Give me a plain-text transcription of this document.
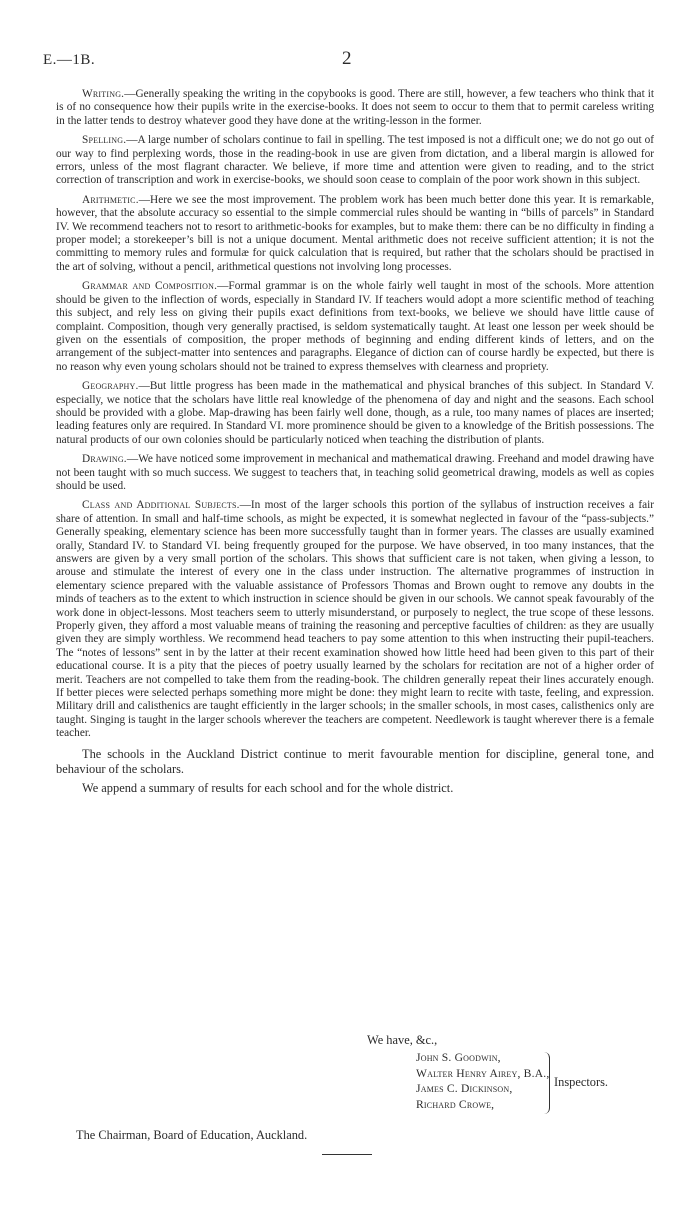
E.—1B.	2

Writing.—Generally speaking the writing in the copybooks is good. There are still, however, a few teachers who think that it is of no consequence how their pupils write in the exercise-books. It does not seem to occur to them that to permit careless writing in the latter tends to destroy whatever good they have done at the writing-lesson in the former.

Spelling.—A large number of scholars continue to fail in spelling. The test imposed is not a difficult one; we do not go out of our way to find perplexing words, those in the reading-book in use are given from dictation, and a liberal margin is allowed for errors, unless of the most flagrant character. We believe, if more time and attention were given to reading, and to the strict correction of transcription and work in exercise-books, we should soon cease to complain of the poor work shown in this subject.

Arithmetic.—Here we see the most improvement. The problem work has been much better done this year. It is remarkable, however, that the absolute accuracy so essential to the simple commercial rules should be wanting in “bills of parcels” in Standard IV. We recommend teachers not to resort to arithmetic-books for examples, but to make them: there can be no difficulty in finding a proper model; a storekeeper’s bill is not a unique document. Mental arithmetic does not receive sufficient attention; it is not the committing to memory rules and formulæ for quick calculation that is required, but rather that the scholars should be practised in the art of solving, without a pencil, arithmetical questions not involving long processes.

Grammar and Composition.—Formal grammar is on the whole fairly well taught in most of the schools. More attention should be given to the inflection of words, especially in Standard IV. If teachers would adopt a more scientific method of teaching this subject, and rely less on giving their pupils exact definitions from text-books, we believe we should have little cause of complaint. Composition, though very generally practised, is seldom systematically taught. At least one lesson per week should be given on the essentials of composition, the proper methods of beginning and ending different kinds of letters, and on the arrangement of the subject-matter into sentences and paragraphs. Elegance of diction can of course hardly be expected, but there is no reason why even young scholars should not be trained to express themselves with clearness and propriety.

Geography.—But little progress has been made in the mathematical and physical branches of this subject. In Standard V. especially, we notice that the scholars have little real knowledge of the phenomena of day and night and the seasons. Each school should be provided with a globe. Map-drawing has been fairly well done, though, as a rule, too many names of places are inserted; leading features only are required. In Standard VI. more prominence should be given to a knowledge of the British possessions. The natural products of our own colonies should be particularly noticed when teaching the distribution of plants.

Drawing.—We have noticed some improvement in mechanical and mathematical drawing. Freehand and model drawing have not been taught with so much success. We suggest to teachers that, in teaching solid geometrical drawing, models as well as copies should be used.

Class and Additional Subjects.—In most of the larger schools this portion of the syllabus of instruction receives a fair share of attention. In small and half-time schools, as might be expected, it is somewhat neglected in favour of the “pass-subjects.” Generally speaking, elementary science has been more successfully taught than in former years. The classes are usually examined orally, Standard IV. to Standard VI. being frequently grouped for the purpose. We have observed, in too many instances, that the answers are given by a very small portion of the scholars. This shows that sufficient care is not taken, when giving a lesson, to arouse and stimulate the interest of every one in the class under instruction. The alternative programmes of instruction in elementary science prepared with the valuable assistance of Professors Thomas and Brown ought to remove any doubts in the minds of teachers as to the extent to which instruction in science should be given in our schools. We cannot speak favourably of the work done in object-lessons. Most teachers seem to utterly misunderstand, or purposely to neglect, the true scope of these lessons. Properly given, they afford a most valuable means of training the reasoning and perceptive faculties of children: as they are usually given they are simply worthless. We recommend head teachers to pay some attention to this when instructing their pupil-teachers. The “notes of lessons” sent in by the latter at their recent examination showed how little heed had been given to this part of their educational course. It is a pity that the pieces of poetry usually learned by the scholars for recitation are not of a higher order of merit. Teachers are not compelled to take them from the reading-book. The children generally repeat their lines accurately enough. If better pieces were selected perhaps something more might be done: they might learn to recite with taste, feeling, and expression. Military drill and calisthenics are taught efficiently in the larger schools; in the smaller schools, in most cases, calisthenics only are taught. Singing is taught in the larger schools wherever the teachers are competent. Needlework is taught wherever there is a female teacher.

The schools in the Auckland District continue to merit favourable mention for discipline, general tone, and behaviour of the scholars.

We append a summary of results for each school and for the whole district.

We have, &c.,
John S. Goodwin,
Walter Henry Airey, B.A.,
James C. Dickinson,
Richard Crowe,
Inspectors.
The Chairman, Board of Education, Auckland.
